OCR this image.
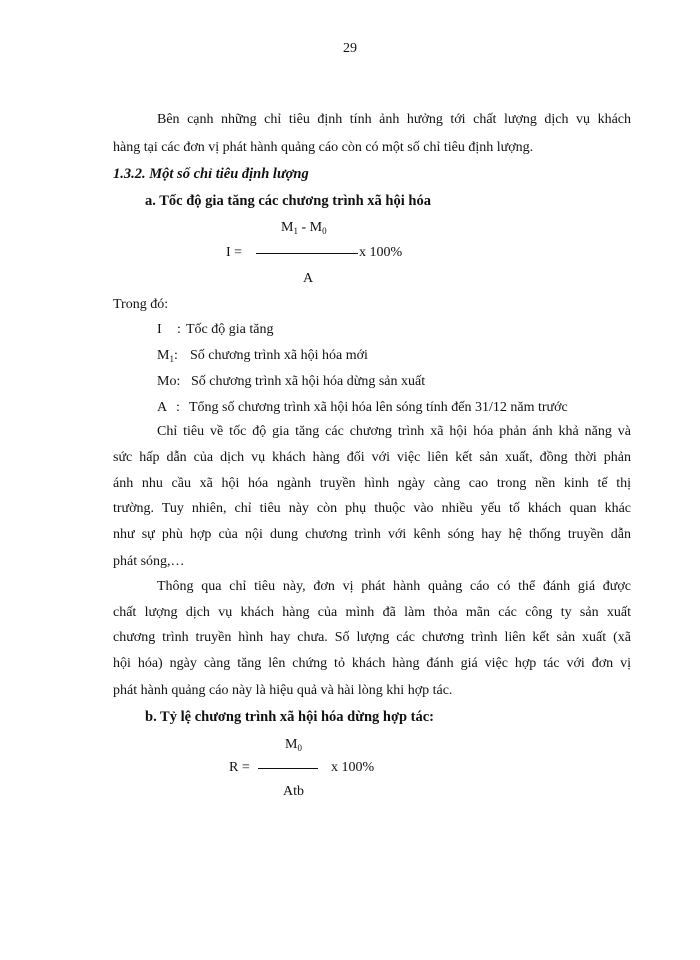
29
Bên cạnh những chỉ tiêu định tính ảnh hưởng tới chất lượng dịch vụ khách
hàng tại các đơn vị phát hành quảng cáo còn có một số chỉ tiêu định lượng.
1.3.2. Một số chỉ tiêu định lượng
a. Tốc độ gia tăng các chương trình xã hội hóa
$M_1 - M_0$
I =	x 100%
A
Trong đó:
I : Tốc độ gia tăng
$M_1$: Số chương trình xã hội hóa mới
Mo: Số chương trình xã hội hóa dừng sản xuất
A : Tổng số chương trình xã hội hóa lên sóng tính đến 31/12 năm trước
Chỉ tiêu về tốc độ gia tăng các chương trình xã hội hóa phản ánh khả năng và
sức hấp dẫn của dịch vụ khách hàng đối với việc liên kết sản xuất, đồng thời phản
ánh nhu cầu xã hội hóa ngành truyền hình ngày càng cao trong nền kinh tế thị
trường. Tuy nhiên, chỉ tiêu này còn phụ thuộc vào nhiều yếu tố khách quan khác
như sự phù hợp của nội dung chương trình với kênh sóng hay hệ thống truyền dẫn
phát sóng,…
Thông qua chỉ tiêu này, đơn vị phát hành quảng cáo có thể đánh giá được
chất lượng dịch vụ khách hàng của mình đã làm thỏa mãn các công ty sản xuất
chương trình truyền hình hay chưa. Số lượng các chương trình liên kết sản xuất (xã
hội hóa) ngày càng tăng lên chứng tỏ khách hàng đánh giá việc hợp tác với đơn vị
phát hành quảng cáo này là hiệu quả và hài lòng khi hợp tác.
b. Tỷ lệ chương trình xã hội hóa dừng hợp tác:
$M_0$
R =	x 100%
Atb
